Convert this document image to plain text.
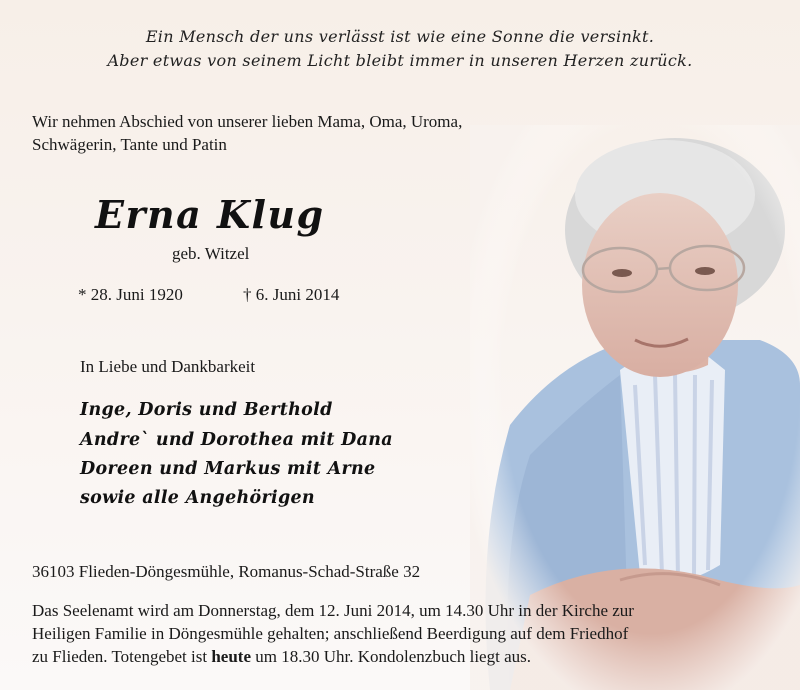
Ein Mensch der uns verlässt ist wie eine Sonne die versinkt.
Aber etwas von seinem Licht bleibt immer in unseren Herzen zurück.
Wir nehmen Abschied von unserer lieben Mama, Oma, Uroma,
Schwägerin, Tante und Patin
Erna Klug
geb. Witzel
* 28. Juni 1920	† 6. Juni 2014
In Liebe und Dankbarkeit
Inge, Doris und Berthold
Andre` und Dorothea mit Dana
Doreen und Markus mit Arne
sowie alle Angehörigen
36103 Flieden-Döngesmühle, Romanus-Schad-Straße 32
Das Seelenamt wird am Donnerstag, dem 12. Juni 2014, um 14.30 Uhr in der Kirche zur
Heiligen Familie in Döngesmühle gehalten; anschließend Beerdigung auf dem Friedhof
zu Flieden. Totengebet ist heute um 18.30 Uhr. Kondolenzbuch liegt aus.
